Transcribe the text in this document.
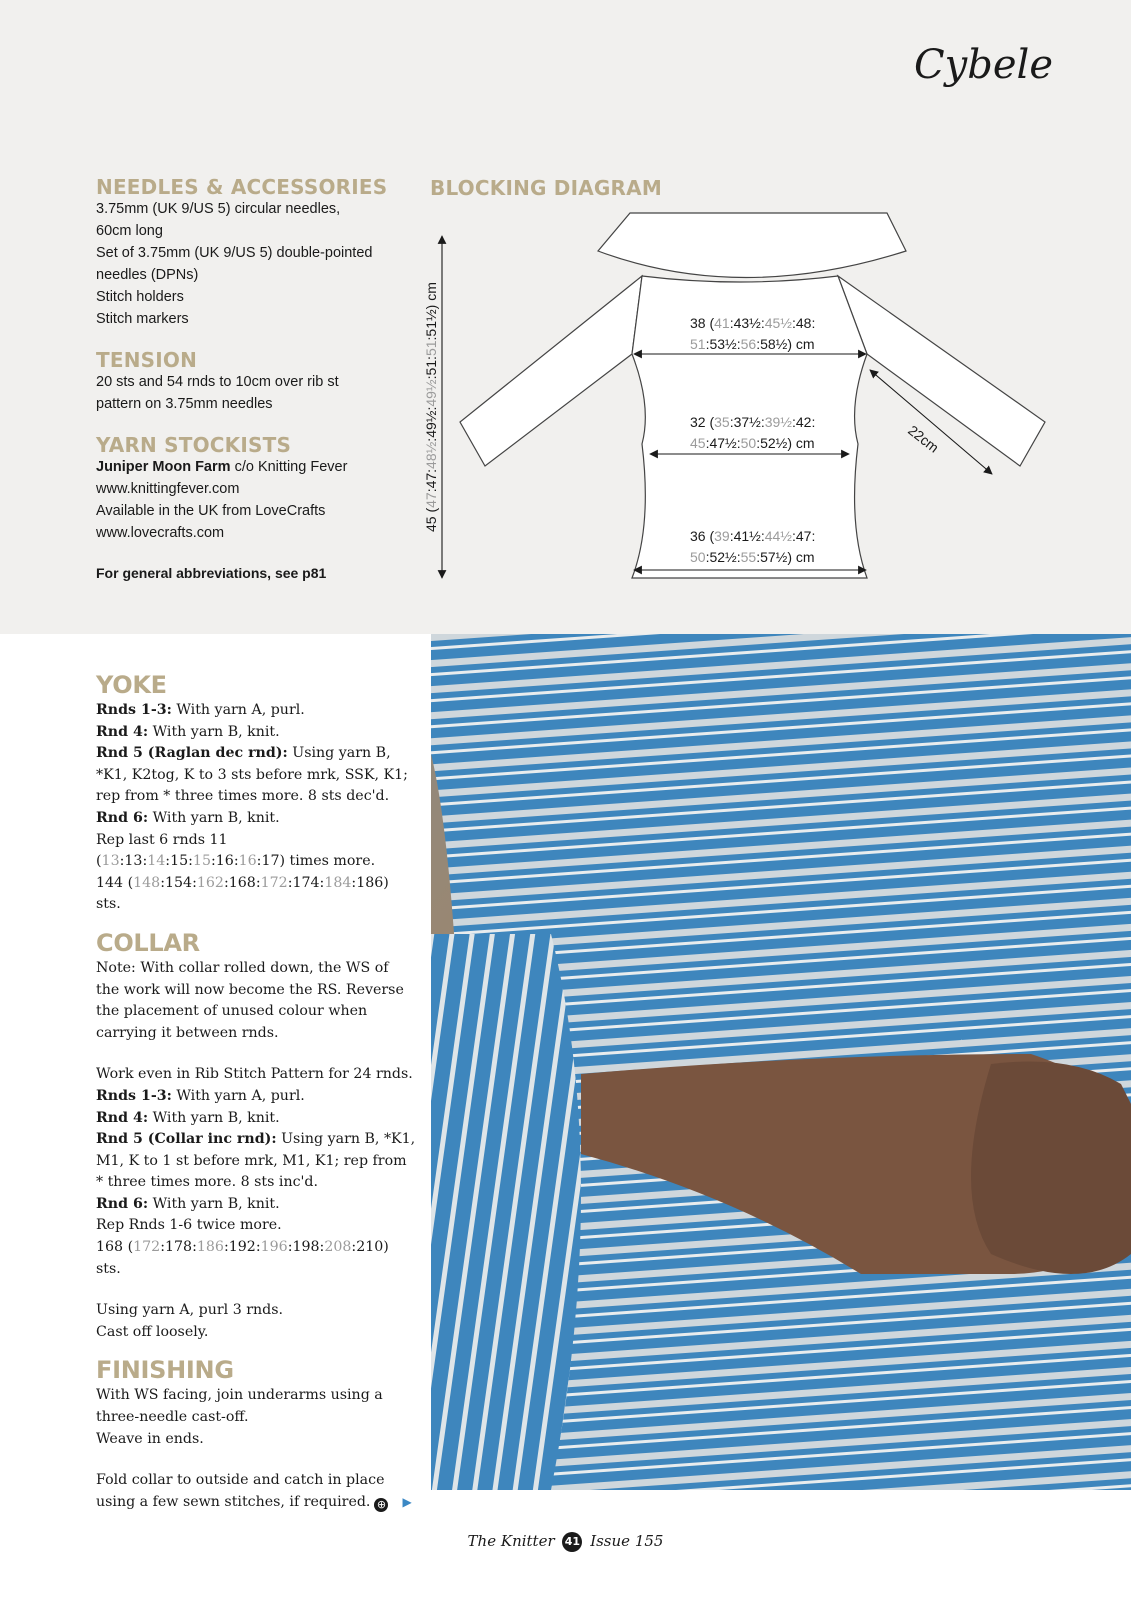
Cybele
NEEDLES & ACCESSORIES
3.75mm (UK 9/US 5) circular needles,
60cm long
Set of 3.75mm (UK 9/US 5) double-pointed
needles (DPNs)
Stitch holders
Stitch markers
TENSION
20 sts and 54 rnds to 10cm over rib st
pattern on 3.75mm needles
YARN STOCKISTS
Juniper Moon Farm c/o Knitting Fever
www.knittingfever.com
Available in the UK from LoveCrafts
www.lovecrafts.com
For general abbreviations, see p81
BLOCKING DIAGRAM
38 (41:43½:45½:48:
51:53½:56:58½) cm
32 (35:37½:39½:42:
45:47½:50:52½) cm
36 (39:41½:44½:47:
50:52½:55:57½) cm
45 (47:47:48½:49½:49½:51:51:51½) cm
22cm
YOKE

Rnds 1-3: With yarn A, purl.

Rnd 4: With yarn B, knit.

Rnd 5 (Raglan dec rnd): Using yarn B, *K1, K2tog, K to 3 sts before mrk, SSK, K1; rep from * three times more. 8 sts dec'd.

Rnd 6: With yarn B, knit.

Rep last 6 rnds 11 (13:13:14:15:15:16:16:17) times more.

144 (148:154:162:168:172:174:184:186) sts.

COLLAR

Note: With collar rolled down, the WS of the work will now become the RS. Reverse the placement of unused colour when carrying it between rnds.

Work even in Rib Stitch Pattern for 24 rnds.

Rnds 1-3: With yarn A, purl.

Rnd 4: With yarn B, knit.

Rnd 5 (Collar inc rnd): Using yarn B, *K1, M1, K to 1 st before mrk, M1, K1; rep from * three times more. 8 sts inc'd.

Rnd 6: With yarn B, knit.

Rep Rnds 1-6 twice more.

168 (172:178:186:192:196:198:208:210) sts.

Using yarn A, purl 3 rnds.

Cast off loosely.

FINISHING

With WS facing, join underarms using a three-needle cast-off.

Weave in ends.

Fold collar to outside and catch in place using a few sewn stitches, if required. ⊕ ▶

The Knitter 41 Issue 155
